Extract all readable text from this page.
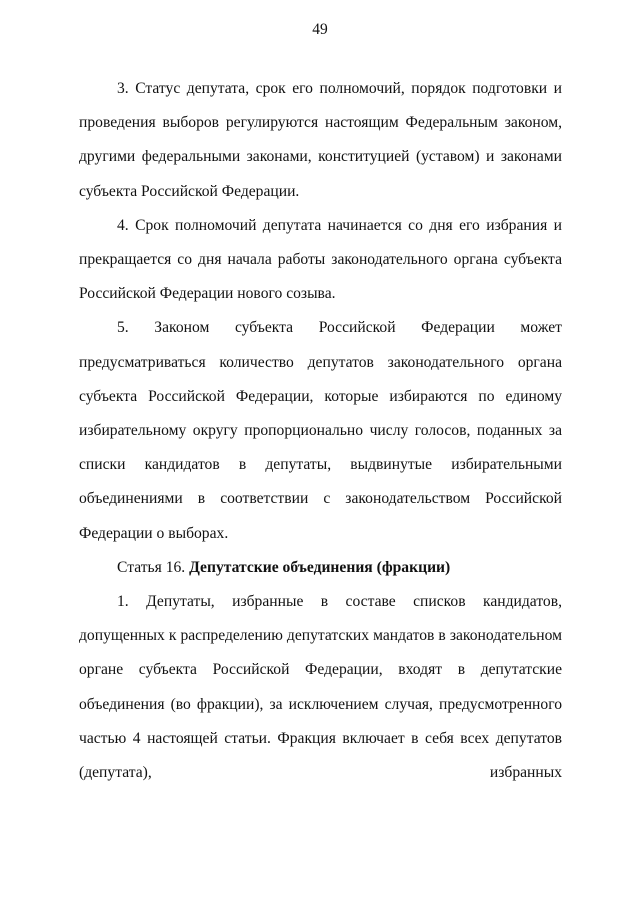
49

3. Статус депутата, срок его полномочий, порядок подготовки и проведения выборов регулируются настоящим Федеральным законом, другими федеральными законами, конституцией (уставом) и законами субъекта Российской Федерации.

4. Срок полномочий депутата начинается со дня его избрания и прекращается со дня начала работы законодательного органа субъекта Российской Федерации нового созыва.

5. Законом субъекта Российской Федерации может предусматриваться количество депутатов законодательного органа субъекта Российской Федерации, которые избираются по единому избирательному округу пропорционально числу голосов, поданных за списки кандидатов в депутаты, выдвинутые избирательными объединениями в соответствии с законодательством Российской Федерации о выборах.

Статья 16. Депутатские объединения (фракции)

1. Депутаты, избранные в составе списков кандидатов, допущенных к распределению депутатских мандатов в законодательном органе субъекта Российской Федерации, входят в депутатские объединения (во фракции), за исключением случая, предусмотренного частью 4 настоящей статьи. Фракция включает в себя всех депутатов (депутата), избранных
